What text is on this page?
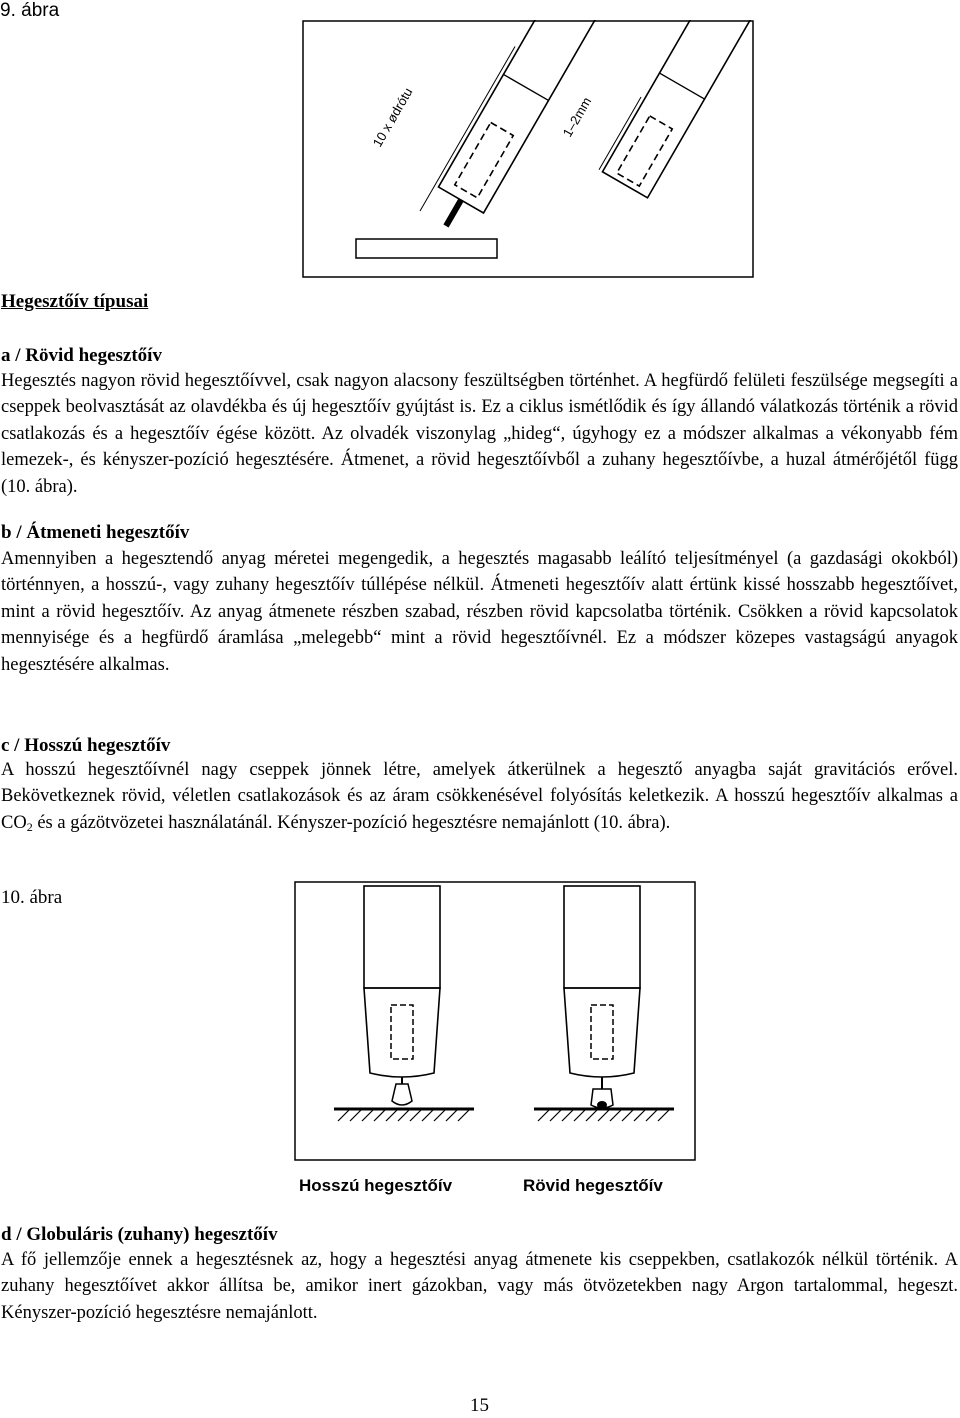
9. ábra
10 x ødrótu	1–2mm
Hegesztőív típusai
a / Rövid hegesztőív

Hegesztés nagyon rövid hegesztőívvel, csak nagyon alacsony feszültségben történhet. A hegfürdő felületi feszülsége megsegíti a cseppek beolvasztását az olavdékba és új hegesztőív gyújtást is. Ez a ciklus ismétlődik és így állandó válatkozás történik a rövid csatlakozás és a hegesztőív égése között. Az olvadék viszonylag „hideg“, úgyhogy ez a módszer alkalmas a vékonyabb fém lemezek-, és kényszer-pozíció hegesztésére. Átmenet, a rövid hegesztőívből a zuhany hegesztőívbe, a huzal átmérőjétől függ (10. ábra).

b / Átmeneti hegesztőív

Amennyiben a hegesztendő anyag méretei megengedik, a hegesztés magasabb leálító teljesítményel (a gazdasági okokból) történnyen, a hosszú-, vagy zuhany hegesztőív túllépése nélkül. Átmeneti hegesztőív alatt értünk kissé hosszabb hegesztőívet, mint a rövid hegesztőív. Az anyag átmenete részben szabad, részben rövid kapcsolatba történik. Csökken a rövid kapcsolatok mennyisége és a hegfürdő áramlása „melegebb“ mint a rövid hegesztőívnél. Ez a módszer közepes vastagságú anyagok hegesztésére alkalmas.

c / Hosszú hegesztőív

A hosszú hegesztőívnél nagy cseppek jönnek létre, amelyek átkerülnek a hegesztő anyagba saját gravitációs erővel. Bekövetkeznek rövid, véletlen csatlakozások és az áram csökkenésével folyósítás keletkezik. A hosszú hegesztőív alkalmas a $CO_2$ és a gázötvözetei használatánál. Kényszer-pozíció hegesztésre nemajánlott (10. ábra).

10. ábra
Hosszú hegesztőív	Rövid hegesztőív
d / Globuláris (zuhany) hegesztőív

A fő jellemzője ennek a hegesztésnek az, hogy a hegesztési anyag átmenete kis cseppekben, csatlakozók nélkül történik. A zuhany hegesztőívet akkor állítsa be, amikor inert gázokban, vagy más ötvözetekben nagy Argon tartalommal, hegeszt. Kényszer-pozíció hegesztésre nemajánlott.

15
